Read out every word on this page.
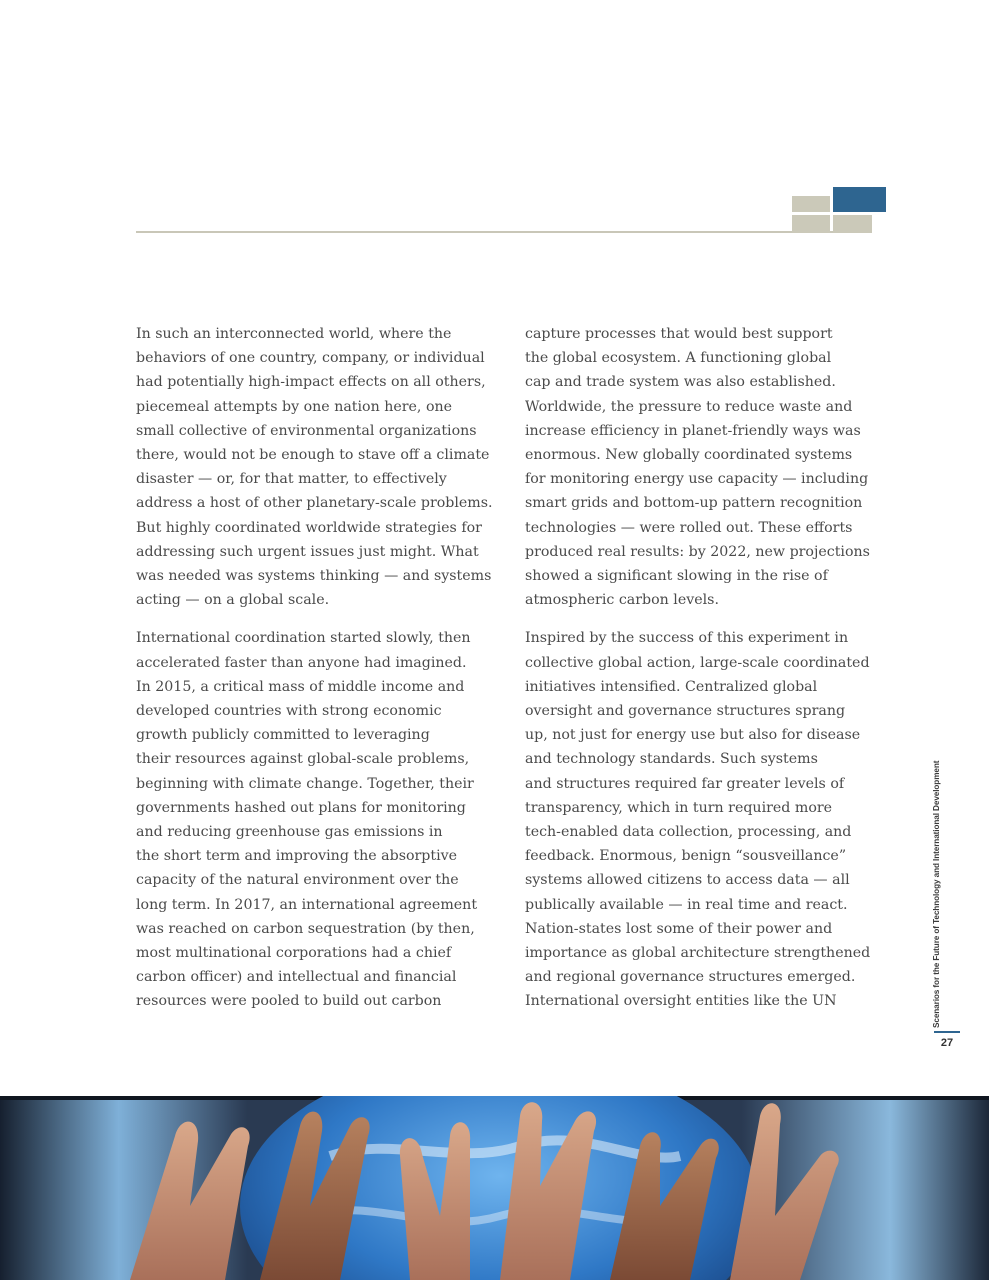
In such an interconnected world, where the
behaviors of one country, company, or individual
had potentially high-impact effects on all others,
piecemeal attempts by one nation here, one
small collective of environmental organizations
there, would not be enough to stave off a climate
disaster — or, for that matter, to effectively
address a host of other planetary-scale problems.
But highly coordinated worldwide strategies for
addressing such urgent issues just might. What
was needed was systems thinking — and systems
acting — on a global scale.

International coordination started slowly, then
accelerated faster than anyone had imagined.
In 2015, a critical mass of middle income and
developed countries with strong economic
growth publicly committed to leveraging
their resources against global-scale problems,
beginning with climate change. Together, their
governments hashed out plans for monitoring
and reducing greenhouse gas emissions in
the short term and improving the absorptive
capacity of the natural environment over the
long term. In 2017, an international agreement
was reached on carbon sequestration (by then,
most multinational corporations had a chief
carbon officer) and intellectual and financial
resources were pooled to build out carbon

capture processes that would best support
the global ecosystem. A functioning global
cap and trade system was also established.
Worldwide, the pressure to reduce waste and
increase efficiency in planet-friendly ways was
enormous. New globally coordinated systems
for monitoring energy use capacity — including
smart grids and bottom-up pattern recognition
technologies — were rolled out. These efforts
produced real results: by 2022, new projections
showed a significant slowing in the rise of
atmospheric carbon levels.

Inspired by the success of this experiment in
collective global action, large-scale coordinated
initiatives intensified. Centralized global
oversight and governance structures sprang
up, not just for energy use but also for disease
and technology standards. Such systems
and structures required far greater levels of
transparency, which in turn required more
tech-enabled data collection, processing, and
feedback. Enormous, benign “sousveillance”
systems allowed citizens to access data — all
publically available — in real time and react.
Nation-states lost some of their power and
importance as global architecture strengthened
and regional governance structures emerged.
International oversight entities like the UN	Scenarios for the Future of Technology and International Development
27
